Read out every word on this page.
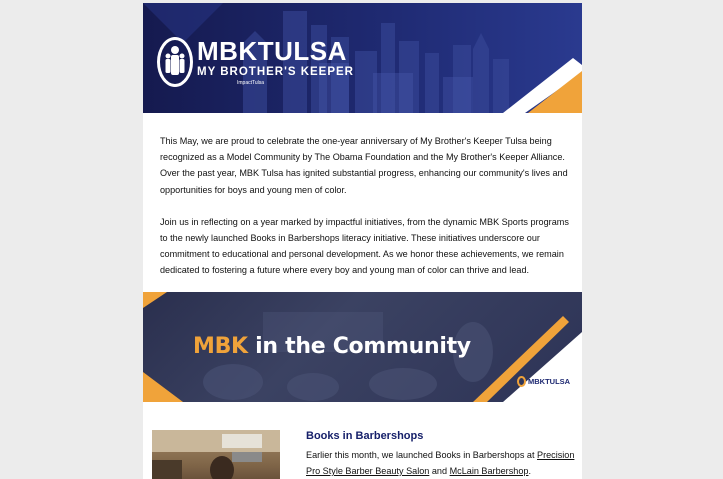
MBKTULSA
MY BROTHER'S KEEPER
ImpactTulsa

This May, we are proud to celebrate the one-year anniversary of My Brother's Keeper Tulsa being recognized as a Model Community by The Obama Foundation and the My Brother's Keeper Alliance. Over the past year, MBK Tulsa has ignited substantial progress, enhancing our community's lives and opportunities for boys and young men of color.

Join us in reflecting on a year marked by impactful initiatives, from the dynamic MBK Sports programs to the newly launched Books in Barbershops literacy initiative. These initiatives underscore our commitment to educational and personal development. As we honor these achievements, we remain dedicated to fostering a future where every boy and young man of color can thrive and lead.

MBK in the Community
MBKTULSA
Books in Barbershops
Earlier this month, we launched Books in Barbershops at Precision Pro Style Barber Beauty Salon and McLain Barbershop.
